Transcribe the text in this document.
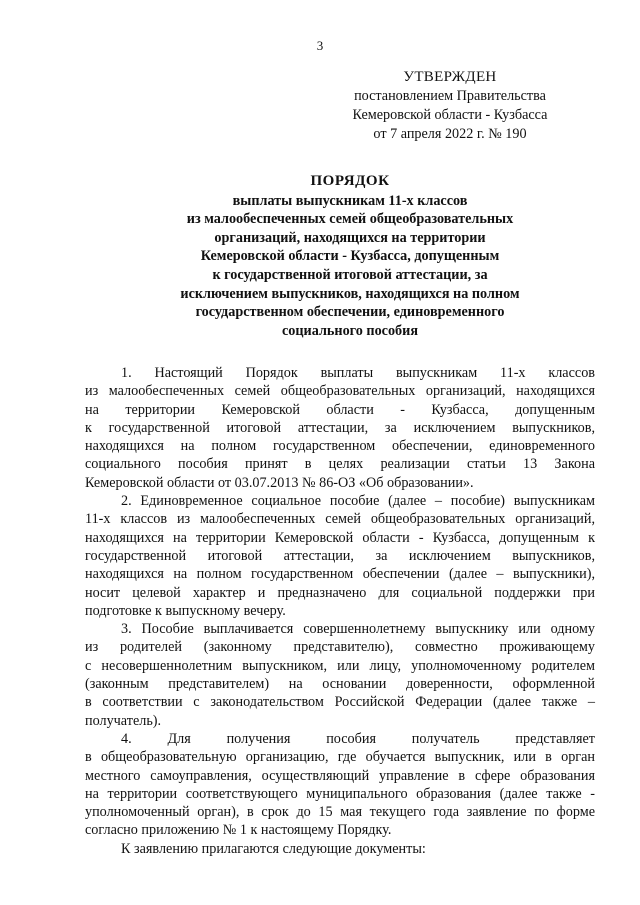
3
УТВЕРЖДЕН
постановлением Правительства
Кемеровской области - Кузбасса
от 7 апреля 2022 г. № 190
ПОРЯДОК
выплаты выпускникам 11-х классов
из малообеспеченных семей общеобразовательных
организаций, находящихся на территории
Кемеровской области - Кузбасса, допущенным
к государственной итоговой аттестации, за
исключением выпускников, находящихся на полном
государственном обеспечении, единовременного
социального пособия
1. Настоящий Порядок выплаты выпускникам 11-х классов
из малообеспеченных семей общеобразовательных организаций, находящихся
на территории Кемеровской области - Кузбасса, допущенным
к государственной итоговой аттестации, за исключением выпускников,
находящихся на полном государственном обеспечении, единовременного
социального пособия принят в целях реализации статьи 13 Закона
Кемеровской области от 03.07.2013 № 86-ОЗ «Об образовании».
2. Единовременное социальное пособие (далее – пособие) выпускникам
11-х классов из малообеспеченных семей общеобразовательных организаций,
находящихся на территории Кемеровской области - Кузбасса, допущенным к
государственной итоговой аттестации, за исключением выпускников,
находящихся на полном государственном обеспечении (далее – выпускники),
носит целевой характер и предназначено для социальной поддержки при
подготовке к выпускному вечеру.
3. Пособие выплачивается совершеннолетнему выпускнику или одному
из родителей (законному представителю), совместно проживающему
с несовершеннолетним выпускником, или лицу, уполномоченному родителем
(законным представителем) на основании доверенности, оформленной
в соответствии с законодательством Российской Федерации (далее также –
получатель).
4. Для получения пособия получатель представляет
в общеобразовательную организацию, где обучается выпускник, или в орган
местного самоуправления, осуществляющий управление в сфере образования
на территории соответствующего муниципального образования (далее также -
уполномоченный орган), в срок до 15 мая текущего года заявление по форме
согласно приложению № 1 к настоящему Порядку.
К заявлению прилагаются следующие документы:
